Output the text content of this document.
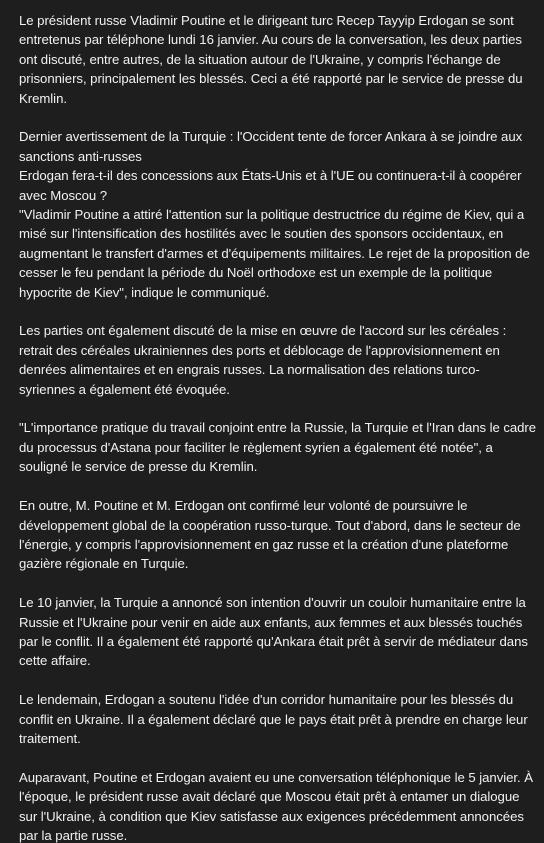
Le président russe Vladimir Poutine et le dirigeant turc Recep Tayyip Erdogan se sont
entretenus par téléphone lundi 16 janvier. Au cours de la conversation, les deux parties
ont discuté, entre autres, de la situation autour de l'Ukraine, y compris l'échange de
prisonniers, principalement les blessés. Ceci a été rapporté par le service de presse du
Kremlin.
Dernier avertissement de la Turquie : l'Occident tente de forcer Ankara à se joindre aux
sanctions anti-russes
Erdogan fera-t-il des concessions aux États-Unis et à l'UE ou continuera-t-il à coopérer
avec Moscou ?
"Vladimir Poutine a attiré l'attention sur la politique destructrice du régime de Kiev, qui a
misé sur l'intensification des hostilités avec le soutien des sponsors occidentaux, en
augmentant le transfert d'armes et d'équipements militaires. Le rejet de la proposition de
cesser le feu pendant la période du Noël orthodoxe est un exemple de la politique
hypocrite de Kiev", indique le communiqué.
Les parties ont également discuté de la mise en œuvre de l'accord sur les céréales :
retrait des céréales ukrainiennes des ports et déblocage de l'approvisionnement en
denrées alimentaires et en engrais russes. La normalisation des relations turco-
syriennes a également été évoquée.
"L'importance pratique du travail conjoint entre la Russie, la Turquie et l'Iran dans le cadre
du processus d'Astana pour faciliter le règlement syrien a également été notée", a
souligné le service de presse du Kremlin.
En outre, M. Poutine et M. Erdogan ont confirmé leur volonté de poursuivre le
développement global de la coopération russo-turque. Tout d'abord, dans le secteur de
l'énergie, y compris l'approvisionnement en gaz russe et la création d'une plateforme
gazière régionale en Turquie.
Le 10 janvier, la Turquie a annoncé son intention d'ouvrir un couloir humanitaire entre la
Russie et l'Ukraine pour venir en aide aux enfants, aux femmes et aux blessés touchés
par le conflit. Il a également été rapporté qu'Ankara était prêt à servir de médiateur dans
cette affaire.
Le lendemain, Erdogan a soutenu l'idée d'un corridor humanitaire pour les blessés du
conflit en Ukraine. Il a également déclaré que le pays était prêt à prendre en charge leur
traitement.
Auparavant, Poutine et Erdogan avaient eu une conversation téléphonique le 5 janvier. À
l'époque, le président russe avait déclaré que Moscou était prêt à entamer un dialogue
sur l'Ukraine, à condition que Kiev satisfasse aux exigences précédemment annoncées
par la partie russe.
